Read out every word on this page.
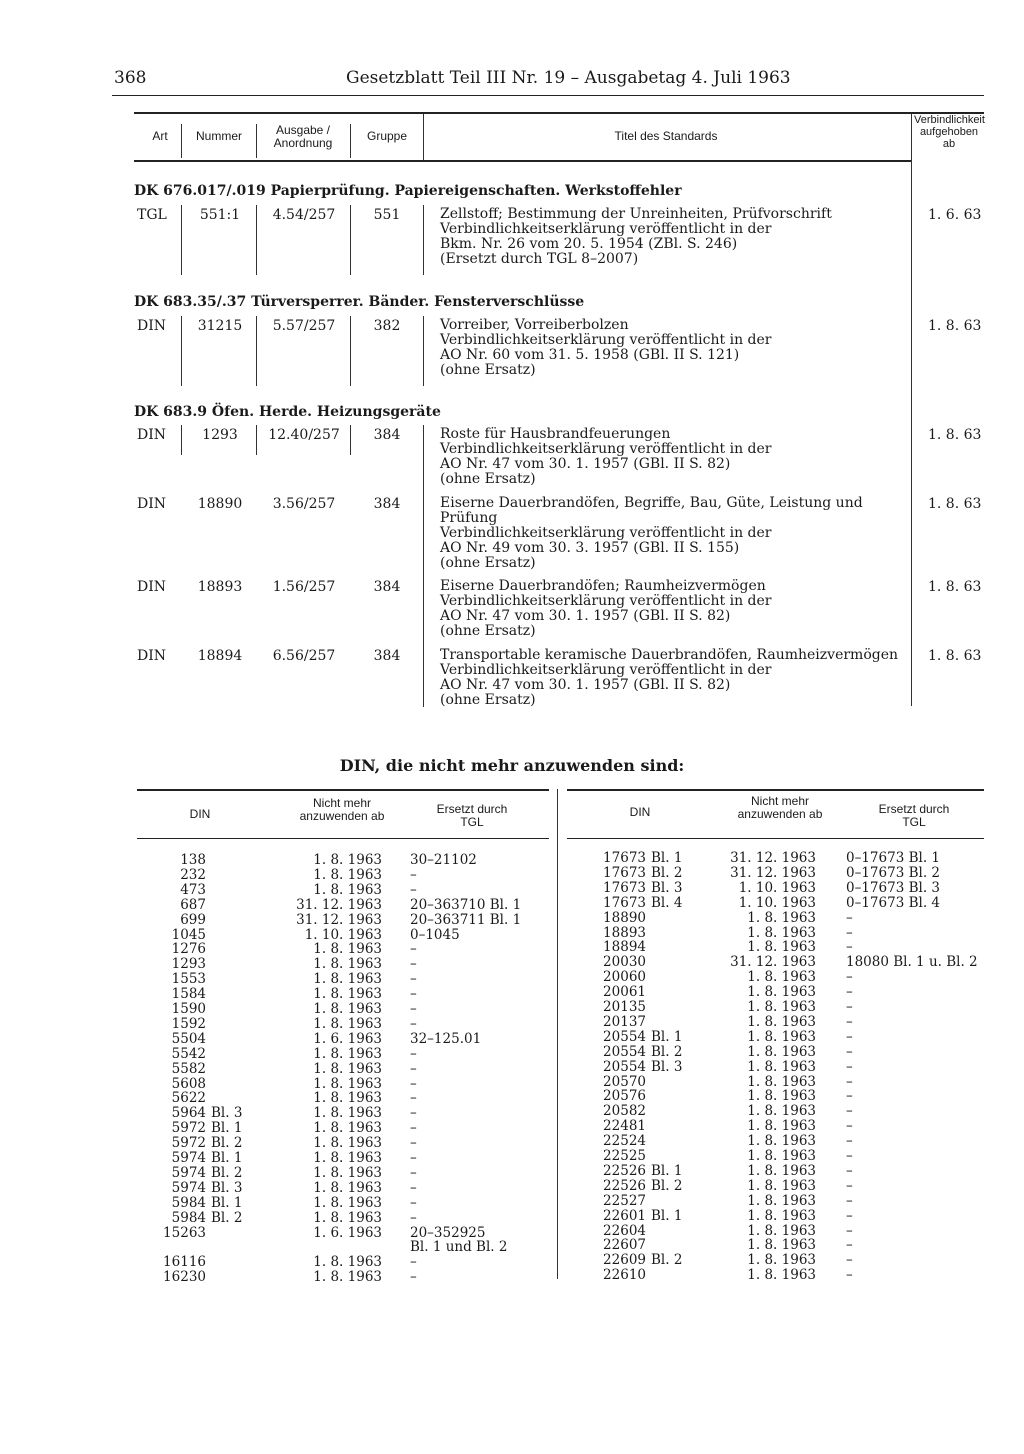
368	Gesetzblatt Teil III Nr. 19 – Ausgabetag 4. Juli 1963
Art	Nummer	Ausgabe / Anordnung	Gruppe	Titel des Standards
Verbindlichkeit aufgehoben ab
DK 676.017/.019 Papierprüfung. Papiereigenschaften. Werkstoffehler
TGL	551:1	4.54/257	551	Zellstoff; Bestimmung der Unreinheiten, Prüfvorschrift
Verbindlichkeitserklärung veröffentlicht in der
Bkm. Nr. 26 vom 20. 5. 1954 (ZBl. S. 246)
(Ersetzt durch TGL 8–2007)
1. 6. 63
DK 683.35/.37 Türversperrer. Bänder. Fensterverschlüsse
DIN	31215	5.57/257	382	Vorreiber, Vorreiberbolzen
Verbindlichkeitserklärung veröffentlicht in der
AO Nr. 60 vom 31. 5. 1958 (GBl. II S. 121)
(ohne Ersatz)
1. 8. 63
DK 683.9 Öfen. Herde. Heizungsgeräte
DIN	1293	12.40/257	384	Roste für Hausbrandfeuerungen
Verbindlichkeitserklärung veröffentlicht in der
AO Nr. 47 vom 30. 1. 1957 (GBl. II S. 82)
(ohne Ersatz)
1. 8. 63
DIN	18890	3.56/257	384	Eiserne Dauerbrandöfen, Begriffe, Bau, Güte, Leistung und
Prüfung
Verbindlichkeitserklärung veröffentlicht in der
AO Nr. 49 vom 30. 3. 1957 (GBl. II S. 155)
(ohne Ersatz)
1. 8. 63
DIN	18893	1.56/257	384	Eiserne Dauerbrandöfen; Raumheizvermögen
Verbindlichkeitserklärung veröffentlicht in der
AO Nr. 47 vom 30. 1. 1957 (GBl. II S. 82)
(ohne Ersatz)
1. 8. 63
DIN	18894	6.56/257	384	Transportable keramische Dauerbrandöfen, Raumheizvermögen
Verbindlichkeitserklärung veröffentlicht in der
AO Nr. 47 vom 30. 1. 1957 (GBl. II S. 82)
(ohne Ersatz)
1. 8. 63
DIN, die nicht mehr anzuwenden sind:
DIN
Nicht mehr anzuwenden ab	Ersetzt durch TGL
DIN
Nicht mehr anzuwenden ab	Ersetzt durch TGL
138	1. 8. 1963 30–21102
232	1. 8. 1963 –
473	1. 8. 1963 –
687	31. 12. 1963 20–363710 Bl. 1
699	31. 12. 1963 20–363711 Bl. 1
1045	1. 10. 1963 0–1045
1276	1. 8. 1963 –
1293	1. 8. 1963 –
1553	1. 8. 1963 –
1584	1. 8. 1963 –
1590	1. 8. 1963 –
1592	1. 8. 1963 –
5504	1. 6. 1963 32–125.01
5542	1. 8. 1963 –
5582	1. 8. 1963 –
5608	1. 8. 1963 –
5622	1. 8. 1963 –
5964 Bl. 3	1. 8. 1963 –
5972 Bl. 1	1. 8. 1963 –
5972 Bl. 2	1. 8. 1963 –
5974 Bl. 1	1. 8. 1963 –
5974 Bl. 2	1. 8. 1963 –
5974 Bl. 3	1. 8. 1963 –
5984 Bl. 1	1. 8. 1963 –
5984 Bl. 2	1. 8. 1963 –
15263	1. 6. 1963 20–352925
Bl. 1 und Bl. 2
16116	1. 8. 1963 –
16230	1. 8. 1963 –
17673 Bl. 1	31. 12. 1963 0–17673 Bl. 1
17673 Bl. 2	31. 12. 1963 0–17673 Bl. 2
17673 Bl. 3	1. 10. 1963 0–17673 Bl. 3
17673 Bl. 4	1. 10. 1963 0–17673 Bl. 4
18890	1. 8. 1963 –
18893	1. 8. 1963 –
18894	1. 8. 1963 –
20030	31. 12. 1963 18080 Bl. 1 u. Bl. 2
20060	1. 8. 1963 –
20061	1. 8. 1963 –
20135	1. 8. 1963 –
20137	1. 8. 1963 –
20554 Bl. 1	1. 8. 1963 –
20554 Bl. 2	1. 8. 1963 –
20554 Bl. 3	1. 8. 1963 –
20570	1. 8. 1963 –
20576	1. 8. 1963 –
20582	1. 8. 1963 –
22481	1. 8. 1963 –
22524	1. 8. 1963 –
22525	1. 8. 1963 –
22526 Bl. 1	1. 8. 1963 –
22526 Bl. 2	1. 8. 1963 –
22527	1. 8. 1963 –
22601 Bl. 1	1. 8. 1963 –
22604	1. 8. 1963 –
22607	1. 8. 1963 –
22609 Bl. 2	1. 8. 1963 –
22610	1. 8. 1963 –
